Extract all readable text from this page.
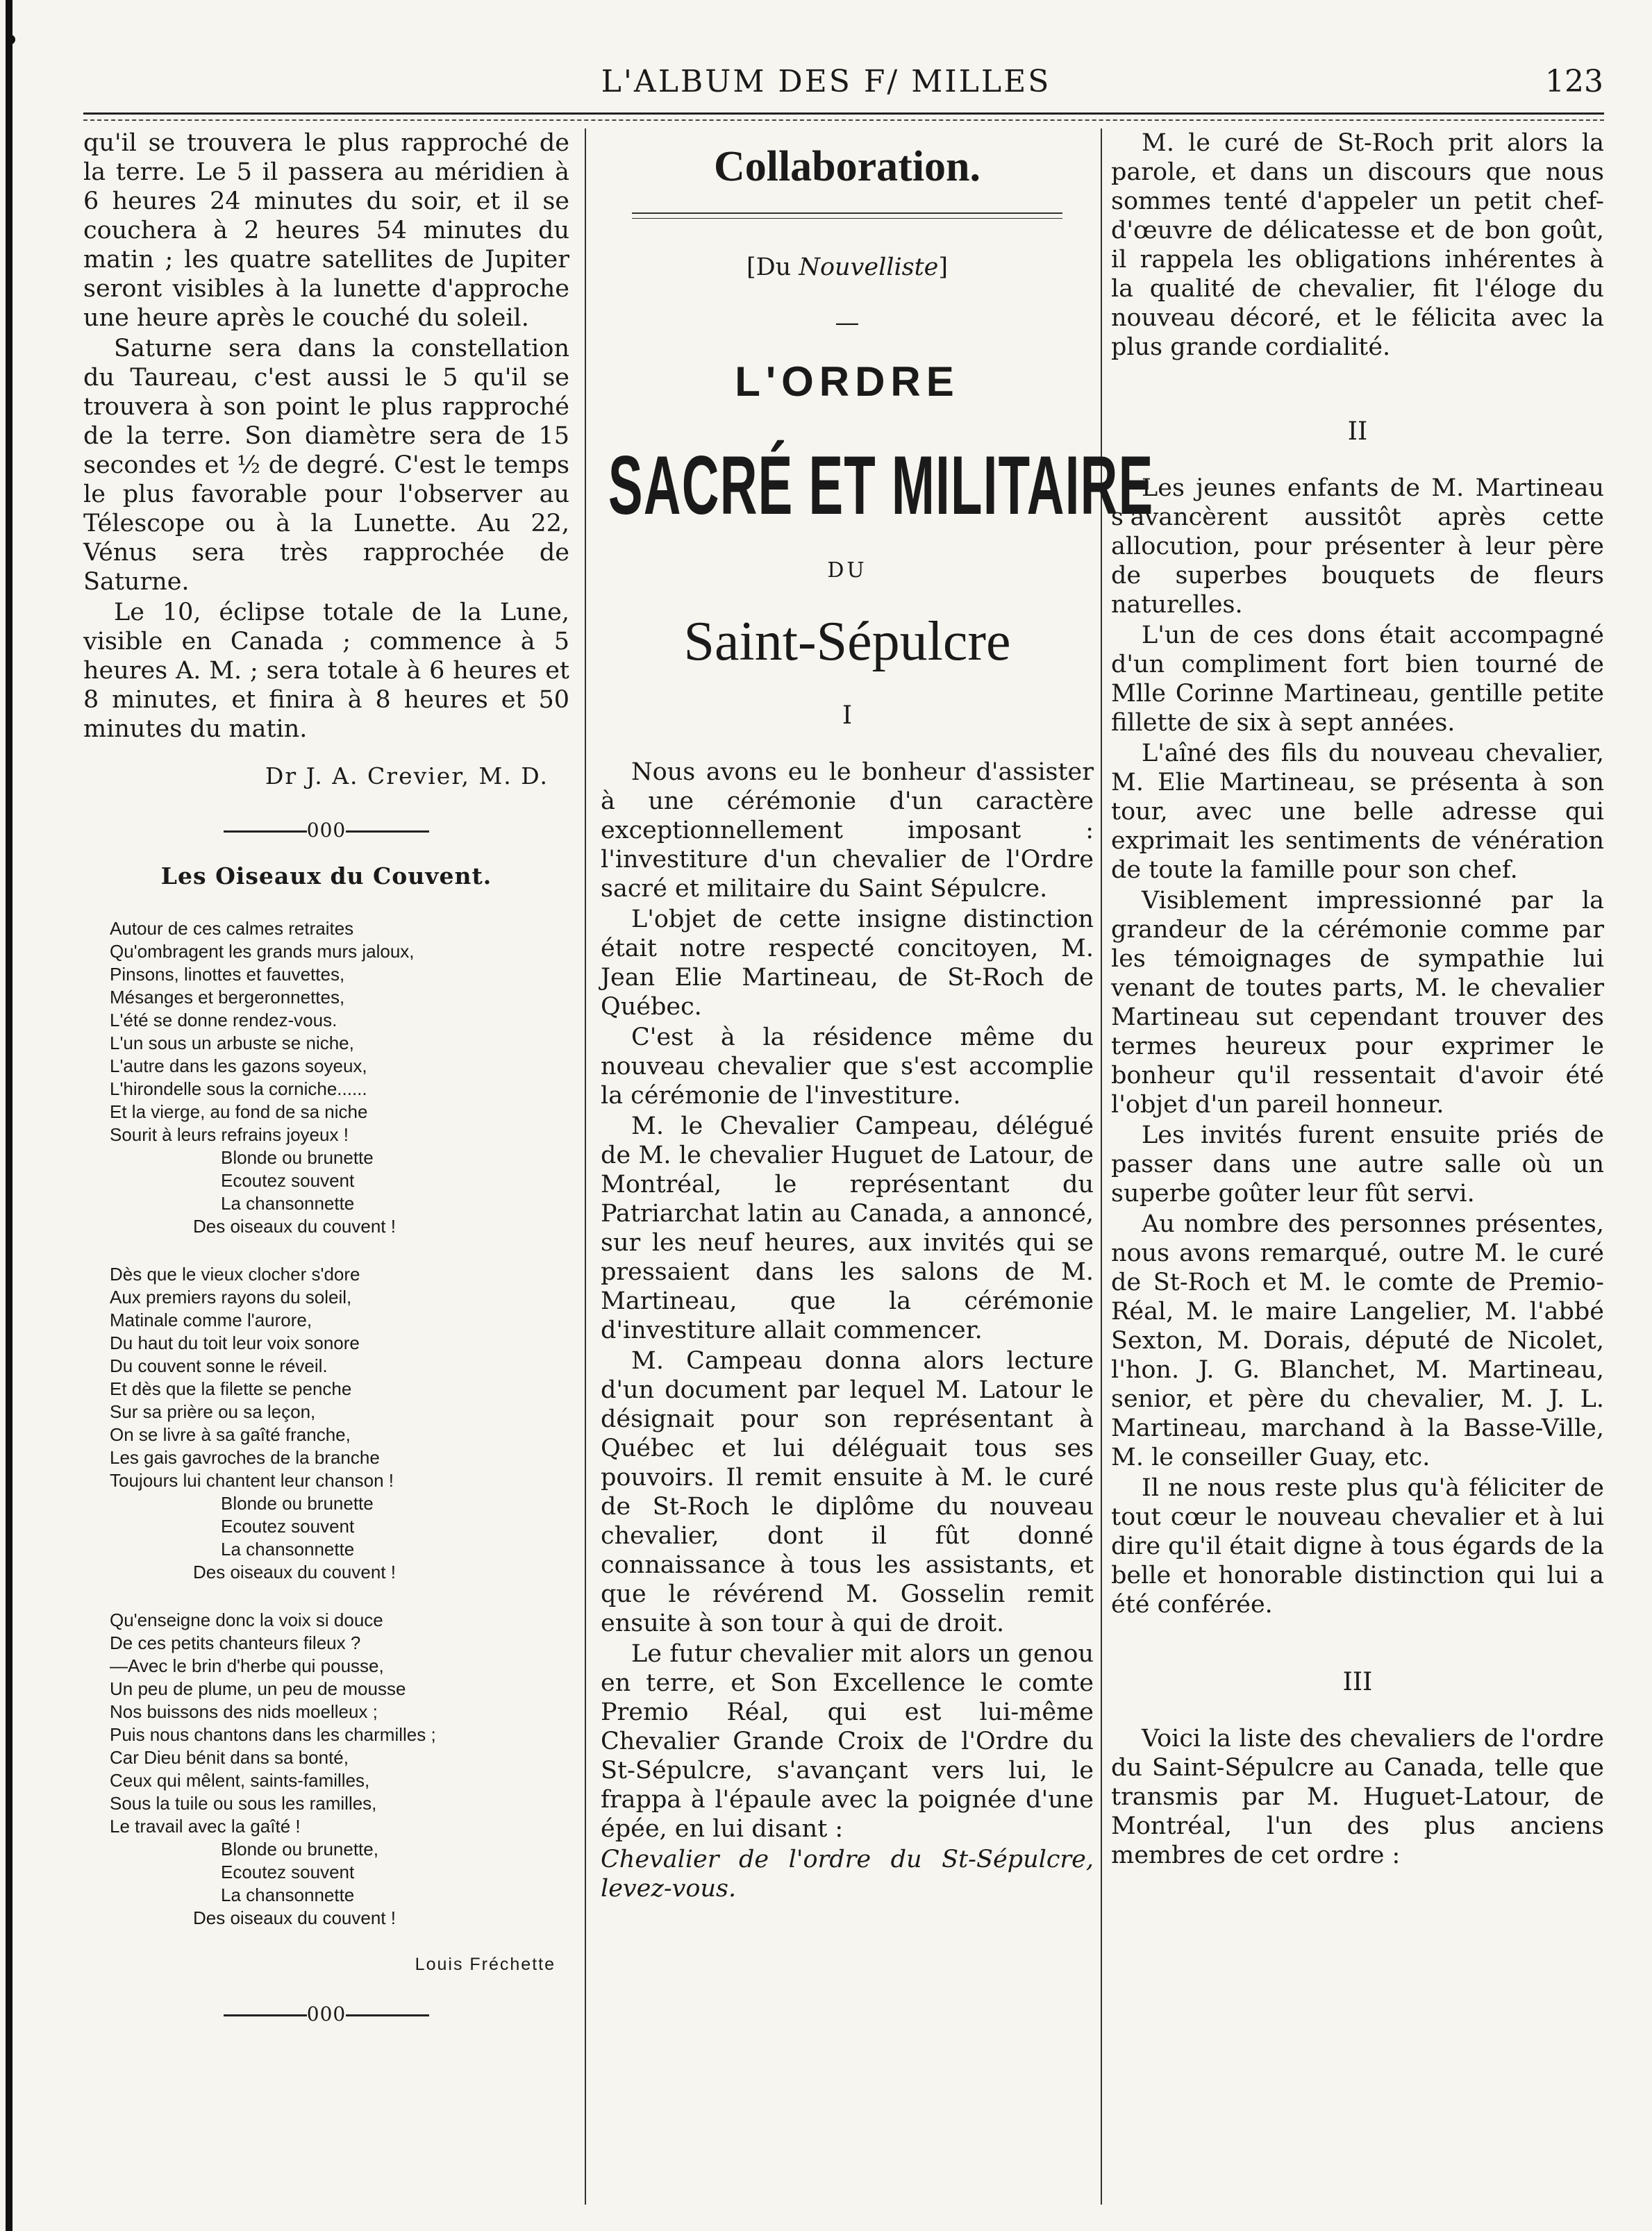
L'ALBUM DES F/ MILLES	123

qu'il se trouvera le plus rapproché de la terre. Le 5 il passera au méridien à 6 heures 24 minutes du soir, et il se couchera à 2 heures 54 minutes du matin ; les quatre satellites de Jupiter seront visibles à la lunette d'approche une heure après le couché du soleil.

Saturne sera dans la constellation du Taureau, c'est aussi le 5 qu'il se trouvera à son point le plus rapproché de la terre. Son diamètre sera de 15 secondes et ½ de degré. C'est le temps le plus favorable pour l'observer au Télescope ou à la Lunette. Au 22, Vénus sera très rapprochée de Saturne.

Le 10, éclipse totale de la Lune, visible en Canada ; commence à 5 heures A. M. ; sera totale à 6 heures et 8 minutes, et finira à 8 heures et 50 minutes du matin.

Dr J. A. Crevier, M. D.
000
Les Oiseaux du Couvent.
Autour de ces calmes retraites
Qu'ombragent les grands murs jaloux,
Pinsons, linottes et fauvettes,
Mésanges et bergeronnettes,
L'été se donne rendez-vous.
L'un sous un arbuste se niche,
L'autre dans les gazons soyeux,
L'hirondelle sous la corniche......
Et la vierge, au fond de sa niche
Sourit à leurs refrains joyeux !
Blonde ou brunette
Ecoutez souvent
La chansonnette
Des oiseaux du couvent !
Dès que le vieux clocher s'dore
Aux premiers rayons du soleil,
Matinale comme l'aurore,
Du haut du toit leur voix sonore
Du couvent sonne le réveil.
Et dès que la filette se penche
Sur sa prière ou sa leçon,
On se livre à sa gaîté franche,
Les gais gavroches de la branche
Toujours lui chantent leur chanson !
Blonde ou brunette
Ecoutez souvent
La chansonnette
Des oiseaux du couvent !
Qu'enseigne donc la voix si douce
De ces petits chanteurs fileux ?
—Avec le brin d'herbe qui pousse,
Un peu de plume, un peu de mousse
Nos buissons des nids moelleux ;
Puis nous chantons dans les charmilles ;
Car Dieu bénit dans sa bonté,
Ceux qui mêlent, saints-familles,
Sous la tuile ou sous les ramilles,
Le travail avec la gaîté !
Blonde ou brunette,
Ecoutez souvent
La chansonnette
Des oiseaux du couvent !
Louis Fréchette
000
Collaboration.
[Du Nouvelliste]
—
L'ORDRE
SACRÉ ET MILITAIRE
DU
Saint-Sépulcre
I

Nous avons eu le bonheur d'assister à une cérémonie d'un caractère exceptionnellement imposant : l'investiture d'un chevalier de l'Ordre sacré et militaire du Saint Sépulcre.

L'objet de cette insigne distinction était notre respecté concitoyen, M. Jean Elie Martineau, de St-Roch de Québec.

C'est à la résidence même du nouveau chevalier que s'est accomplie la cérémonie de l'investiture.

M. le Chevalier Campeau, délégué de M. le chevalier Huguet de Latour, de Montréal, le représentant du Patriarchat latin au Canada, a annoncé, sur les neuf heures, aux invités qui se pressaient dans les salons de M. Martineau, que la cérémonie d'investiture allait commencer.

M. Campeau donna alors lecture d'un document par lequel M. Latour le désignait pour son représentant à Québec et lui déléguait tous ses pouvoirs. Il remit ensuite à M. le curé de St-Roch le diplôme du nouveau chevalier, dont il fût donné connaissance à tous les assistants, et que le révérend M. Gosselin remit ensuite à son tour à qui de droit.

Le futur chevalier mit alors un genou en terre, et Son Excellence le comte Premio Réal, qui est lui-même Chevalier Grande Croix de l'Ordre du St-Sépulcre, s'avançant vers lui, le frappa à l'épaule avec la poignée d'une épée, en lui disant :

Chevalier de l'ordre du St-Sépulcre, levez-vous.

M. le curé de St-Roch prit alors la parole, et dans un discours que nous sommes tenté d'appeler un petit chef-d'œuvre de délicatesse et de bon goût, il rappela les obligations inhérentes à la qualité de chevalier, fit l'éloge du nouveau décoré, et le félicita avec la plus grande cordialité.

II

Les jeunes enfants de M. Martineau s'avancèrent aussitôt après cette allocution, pour présenter à leur père de superbes bouquets de fleurs naturelles.

L'un de ces dons était accompagné d'un compliment fort bien tourné de Mlle Corinne Martineau, gentille petite fillette de six à sept années.

L'aîné des fils du nouveau chevalier, M. Elie Martineau, se présenta à son tour, avec une belle adresse qui exprimait les sentiments de vénération de toute la famille pour son chef.

Visiblement impressionné par la grandeur de la cérémonie comme par les témoignages de sympathie lui venant de toutes parts, M. le chevalier Martineau sut cependant trouver des termes heureux pour exprimer le bonheur qu'il ressentait d'avoir été l'objet d'un pareil honneur.

Les invités furent ensuite priés de passer dans une autre salle où un superbe goûter leur fût servi.

Au nombre des personnes présentes, nous avons remarqué, outre M. le curé de St-Roch et M. le comte de Premio-Réal, M. le maire Langelier, M. l'abbé Sexton, M. Dorais, député de Nicolet, l'hon. J. G. Blanchet, M. Martineau, senior, et père du chevalier, M. J. L. Martineau, marchand à la Basse-Ville, M. le conseiller Guay, etc.

Il ne nous reste plus qu'à féliciter de tout cœur le nouveau chevalier et à lui dire qu'il était digne à tous égards de la belle et honorable distinction qui lui a été conférée.

III

Voici la liste des chevaliers de l'ordre du Saint-Sépulcre au Canada, telle que transmis par M. Huguet-Latour, de Montréal, l'un des plus anciens membres de cet ordre :
